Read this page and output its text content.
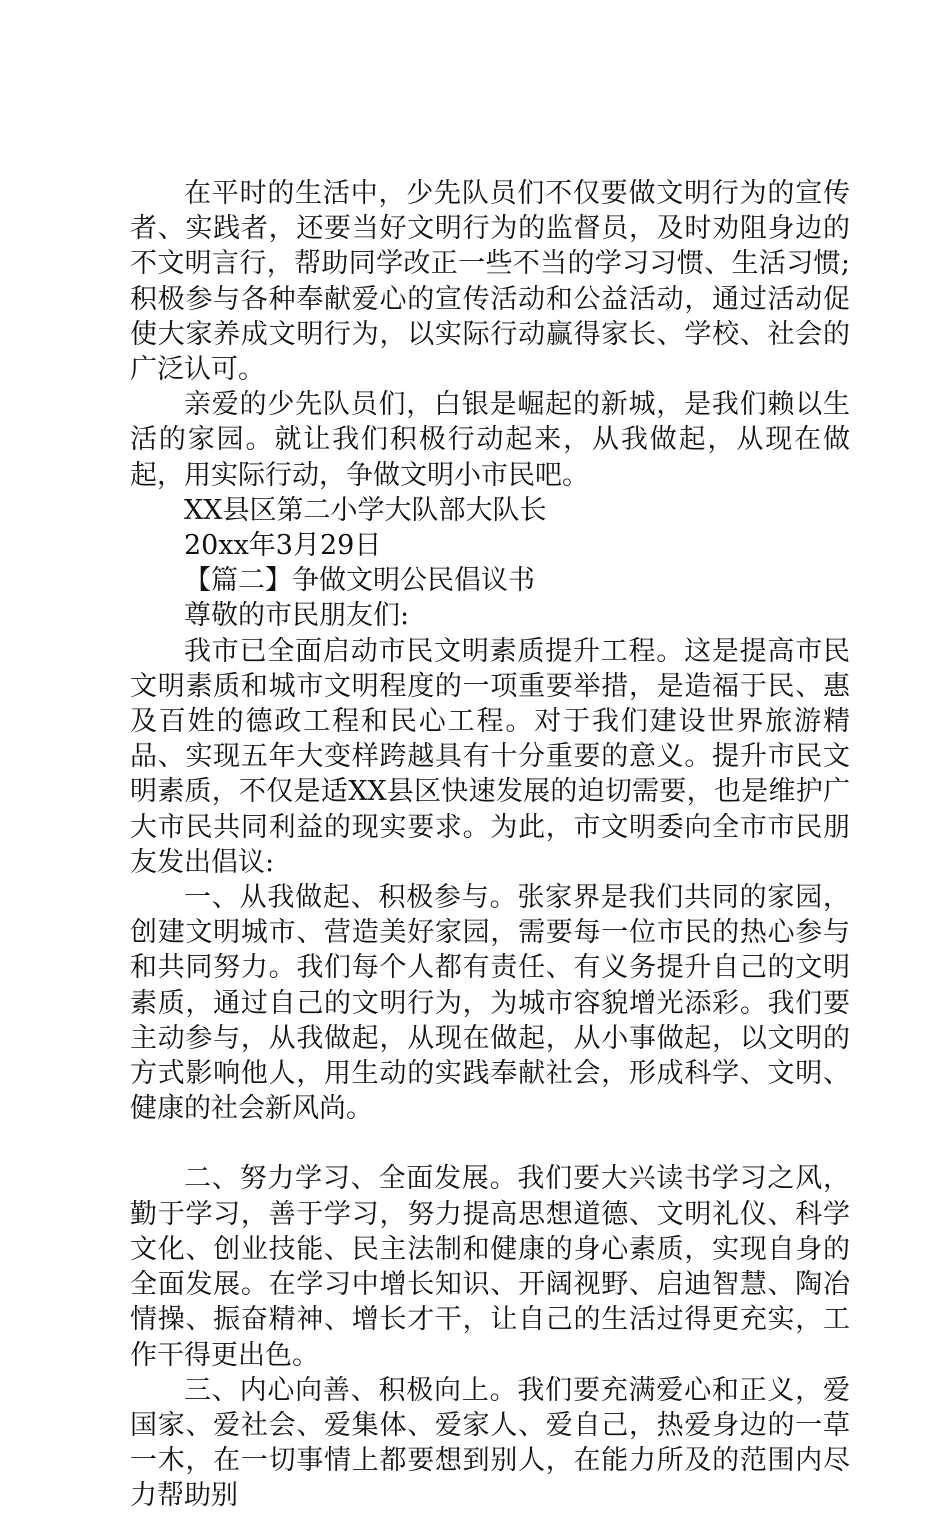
在平时的生活中，少先队员们不仅要做文明行为的宣传者、实践者，还要当好文明行为的监督员，及时劝阻身边的不文明言行，帮助同学改正一些不当的学习习惯、生活习惯;积极参与各种奉献爱心的宣传活动和公益活动，通过活动促使大家养成文明行为，以实际行动赢得家长、学校、社会的广泛认可。

亲爱的少先队员们，白银是崛起的新城，是我们赖以生活的家园。就让我们积极行动起来，从我做起，从现在做起，用实际行动，争做文明小市民吧。

XX县区第二小学大队部大队长

20xx年3月29日

【篇二】争做文明公民倡议书

尊敬的市民朋友们:

我市已全面启动市民文明素质提升工程。这是提高市民文明素质和城市文明程度的一项重要举措，是造福于民、惠及百姓的德政工程和民心工程。对于我们建设世界旅游精品、实现五年大变样跨越具有十分重要的意义。提升市民文明素质，不仅是适XX县区快速发展的迫切需要，也是维护广大市民共同利益的现实要求。为此，市文明委向全市市民朋友发出倡议:

一、从我做起、积极参与。张家界是我们共同的家园，创建文明城市、营造美好家园，需要每一位市民的热心参与和共同努力。我们每个人都有责任、有义务提升自己的文明素质，通过自己的文明行为，为城市容貌增光添彩。我们要主动参与，从我做起，从现在做起，从小事做起，以文明的方式影响他人，用生动的实践奉献社会，形成科学、文明、健康的社会新风尚。

二、努力学习、全面发展。我们要大兴读书学习之风，勤于学习，善于学习，努力提高思想道德、文明礼仪、科学文化、创业技能、民主法制和健康的身心素质，实现自身的全面发展。在学习中增长知识、开阔视野、启迪智慧、陶冶情操、振奋精神、增长才干，让自己的生活过得更充实，工作干得更出色。

三、内心向善、积极向上。我们要充满爱心和正义，爱国家、爱社会、爱集体、爱家人、爱自己，热爱身边的一草一木，在一切事情上都要想到别人，在能力所及的范围内尽力帮助别
